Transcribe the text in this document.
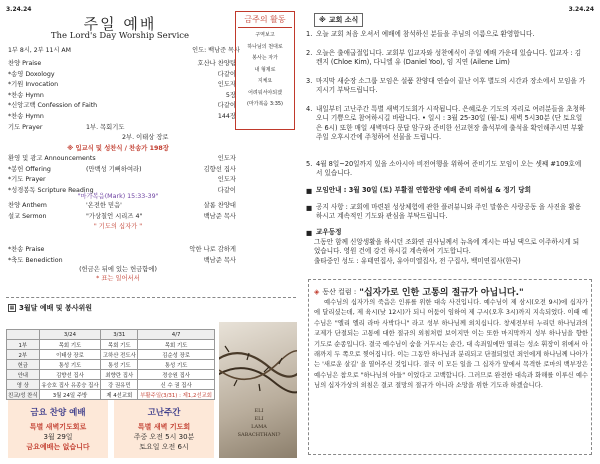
3.24.24
주일 예배
The Lord's Day Worship Service
1부 8시, 2부 11시 AM	인도: 백남준 목사
찬양 Praise	호산나 찬양팀
*송영 Doxology	다같이
*기원 Invocation	인도자
*찬송 Hymn	5장
*신앙고백 Confession of Faith	다같이
*찬송 Hymn	144장
기도 Prayer	1부. 목회기도
2부. 이태상 장로
※ 입교식 및 성찬식 / 찬송가 198장
환영 및 광고 Announcements	인도자
*봉헌 Offering	(만백성 기뻐하여라)	김향선 집사
*기도 Prayer	인도자
*성경봉독 Scripture Reading	다같이
"마가복음(Mark) 15:33-39"
찬양 Anthem	'온전한 믿음'	살롬 찬양대
설교 Sermon	"가상칠언 시리즈 4"	백남준 목사
" 기도의 십자가 "
*찬송 Praise	악한 나로 감하게
*축도 Benediction	백남준 목사
(헌금은 뒤에 있는 헌금함에)
* 표는 일어서서
금주의 활동
구역보고
하나님의 천대로
봉사는 자가
내 형제로
지체요
어려워서야되겠
(마가복음 3:35)
▦ 3월달 예배 및 봉사위원
	3/24	3/31	4/7
1부	목회 기도	목회 기도	목회 기도
2부	이태상 장로	고하산 전도사	김순성 장로
헌금	통성 기도	통성 기도	통성 기도
안내	김향선 집사	최향란 집사	정승원 집사
영 상	유승호 집사 유종승 집사	강 권유민	신 수 권 집사
친교/성 찬식	3월 24일 주방	제 4선교회	부활주일(3/31) : 제1,2선교회
ELI
ELI
LAMA
SABACHTHANI?
금요 찬양 예배
특별 새벽기도회로
3월 29일
금요예배는 없습니다
고난주간
특별 새벽 기도회
주중 오전 5시 30분
토요일 오전 6시
3.24.24
※ 교회 소식
1. 오늘 교회 처음 오셔서 예배에 참석하신 분들을 주님의 이름으로 환영합니다.
2. 오늘은 출애굽절입니다. 교회부 입교자와 성찬예식이 주일 예배 가운데 있습니다. 입교자 : 김 켄지 (Chloe Kim), 다니엘 유 (Daniel Yoo), 임 지연 (Ailene Lim)
3. 마지막 새순장 소그룹 모임은 설품 찬양대 연습이 끝난 이후 별도의 시간과 장소에서 모임을 가지시기 부탁드립니다.
4. 내일부터 고난주간 특별 새벽기도회가 시작됩니다. 은혜로운 기도의 자리로 여러분들을 초청하오니 기쁨으로 참여하시길 바랍니다. • 일시 : 3월 25-30일 (월-토) 새벽 5시30분 (단 토요일은 6시) 또한 매일 새벽마다 문답 암구와 준비한 선교현장 출석부에 출석을 확인해주시면 부활주일 오후시간에 주청하여 선물을 드립니다.
5. 4월 8일~20일까지 있을 소아시아 비전여행을 위하여 준비기도 모임이 오는 셋쨰 #109호에서 있습니다.
■ 모임안내 : 3월 30일 (토) 부활절 연합찬양 예배 준비 리허설 & 정기 당회
■ 공지 사항 : 교회에 마련된 성상체험에 관한 플러뷰니와 주인 말씀은 사랑공동 을 사진을 활용하시고 계속적인 기도와 관심을 부탁드립니다.
■ 교우동정
그동안 함께 신앙생활을 하시던 조화연 권사님께서 뉴욕에 계시는 따님 댁으로 이주하시게 되었습니다. 영원 건에 강건 하시길 계속하여 기도합니다.
출타중인 성도 : 유태연집사, 유아미엘집사, 전 구집사, 백미연집사(한국)
◈ 동산 컬럼 : "십자가로 인한 고통의 절규가 아닙니다."
예수님의 십자가의 죽음은 인류를 위한 대속 사건입니다. 예수님이 제 삼시(오전 9시)에 십자가에 달리셨는데, 제 육시(낮 12시)가 되니 어둠이 임하여 제 구시(오후 3시)까지 지속되었다. 이때 예수님은 "엘리 엘리 라마 사박다니" 라고 성부 하나님께 외치십니다. 창세전부터 누리던 하나님과의 교제가 단절되는 고통에 대한 절규의 외침처럼 보이지만 이는 또한 마지막까지 성부 하나님을 향한 기도로 순종입니다. 결국 예수님이 숨을 거두시는 순간, 대 속죄일에만 열리는 성소 휘장이 위에서 아래까지 두 쪽으로 찢어집니다. 이는 그동안 하나님과 분리되고 단절되었던 죄인에게 하나님께 나아가는 '새로운 살길' 을 열어주신 것입니다. 결국 이 모든 일을 그 십자가 앞에서 목격한 로마의 백부장은 예수님은 참으로 "하나님의 아들" 이었다고 고백합니다. 그러므로 완전한 대속과 화해를 이루신 예수님의 십자가상의 외침은 결코 절망의 절규가 아니라 소망을 위한 기도라 하겠습니다.
